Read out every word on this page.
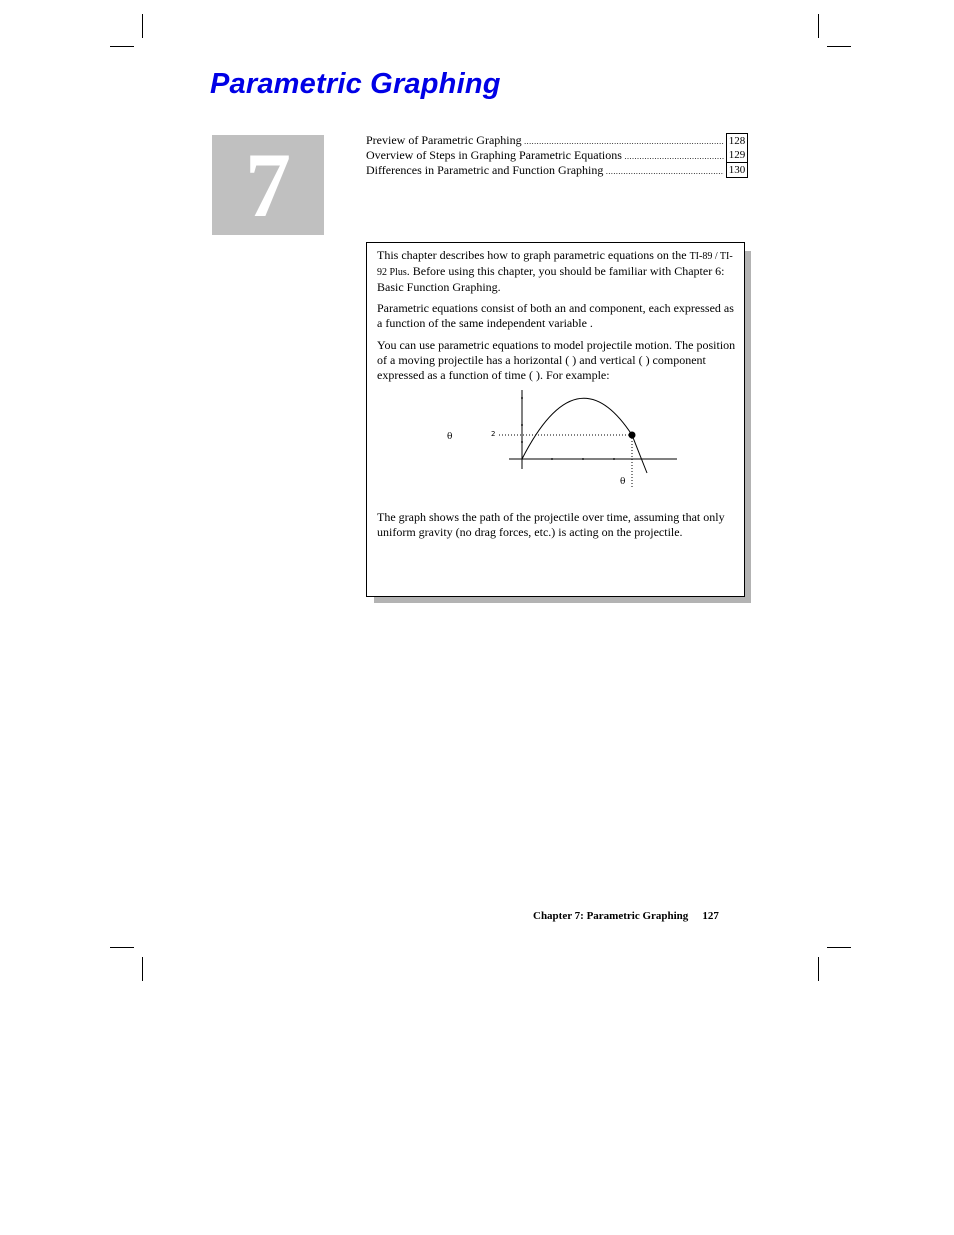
Parametric Graphing
7	Preview of Parametric Graphing .....	128
Overview of Steps in Graphing Parametric Equations .....	129
Differences in Parametric and Function Graphing .....	130
This chapter describes how to graph parametric equations on the TI-89 / TI-92 Plus. Before using this chapter, you should be familiar with Chapter 6: Basic Function Graphing.
Parametric equations consist of both an and component, each expressed as a function of the same independent variable .
You can use parametric equations to model projectile motion. The position of a moving projectile has a horizontal ( ) and vertical ( ) component expressed as a function of time ( ). For example:
θ	2
θ
The graph shows the path of the projectile over time, assuming that only uniform gravity (no drag forces, etc.) is acting on the projectile.
Chapter 7: Parametric Graphing 127
